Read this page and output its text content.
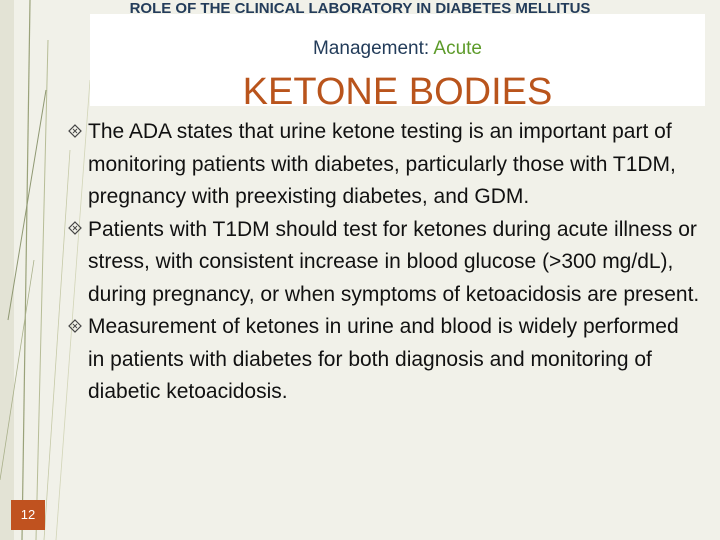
ROLE OF THE CLINICAL LABORATORY IN DIABETES MELLITUS
Management: Acute
KETONE BODIES
The ADA states that urine ketone testing is an important part of monitoring patients with diabetes, particularly those with T1DM, pregnancy with preexisting diabetes, and GDM.
Patients with T1DM should test for ketones during acute illness or stress, with consistent increase in blood glucose (>300 mg/dL), during pregnancy, or when symptoms of ketoacidosis are present.
Measurement of ketones in urine and blood is widely performed in patients with diabetes for both diagnosis and monitoring of diabetic ketoacidosis.
12
